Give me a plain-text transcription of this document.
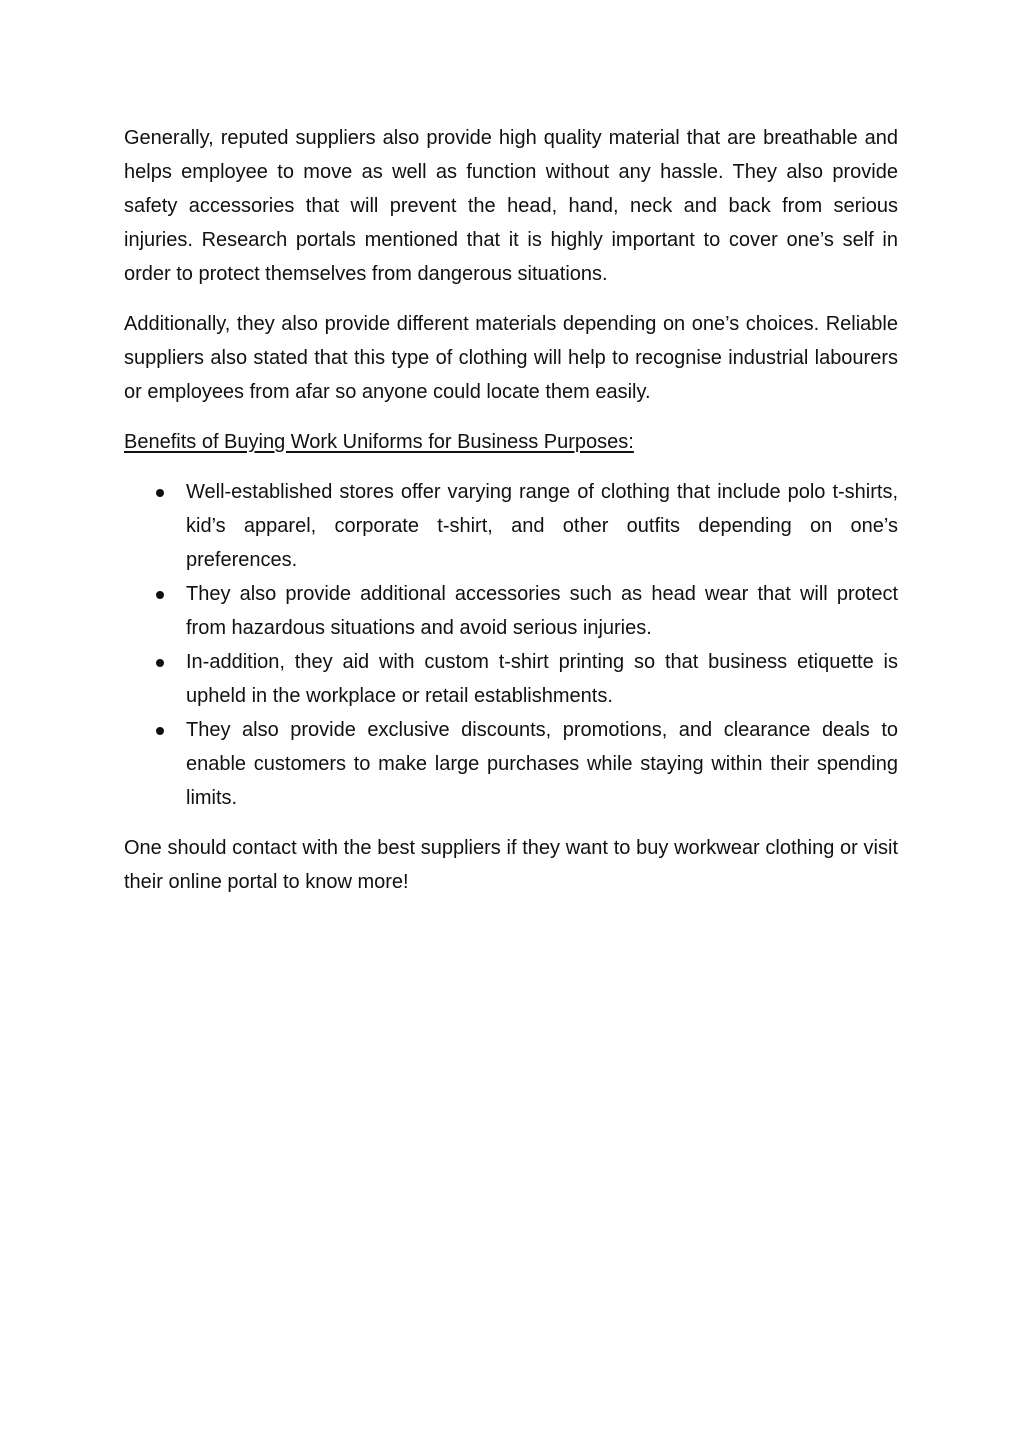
Generally, reputed suppliers also provide high quality material that are breathable and helps employee to move as well as function without any hassle. They also provide safety accessories that will prevent the head, hand, neck and back from serious injuries. Research portals mentioned that it is highly important to cover one’s self in order to protect themselves from dangerous situations.

Additionally, they also provide different materials depending on one’s choices. Reliable suppliers also stated that this type of clothing will help to recognise industrial labourers or employees from afar so anyone could locate them easily.

Benefits of Buying Work Uniforms for Business Purposes:

Well-established stores offer varying range of clothing that include polo t-shirts, kid’s apparel, corporate t-shirt, and other outfits depending on one’s preferences.
They also provide additional accessories such as head wear that will protect from hazardous situations and avoid serious injuries.
In-addition, they aid with custom t-shirt printing so that business etiquette is upheld in the workplace or retail establishments.
They also provide exclusive discounts, promotions, and clearance deals to enable customers to make large purchases while staying within their spending limits.

One should contact with the best suppliers if they want to buy workwear clothing or visit their online portal to know more!
